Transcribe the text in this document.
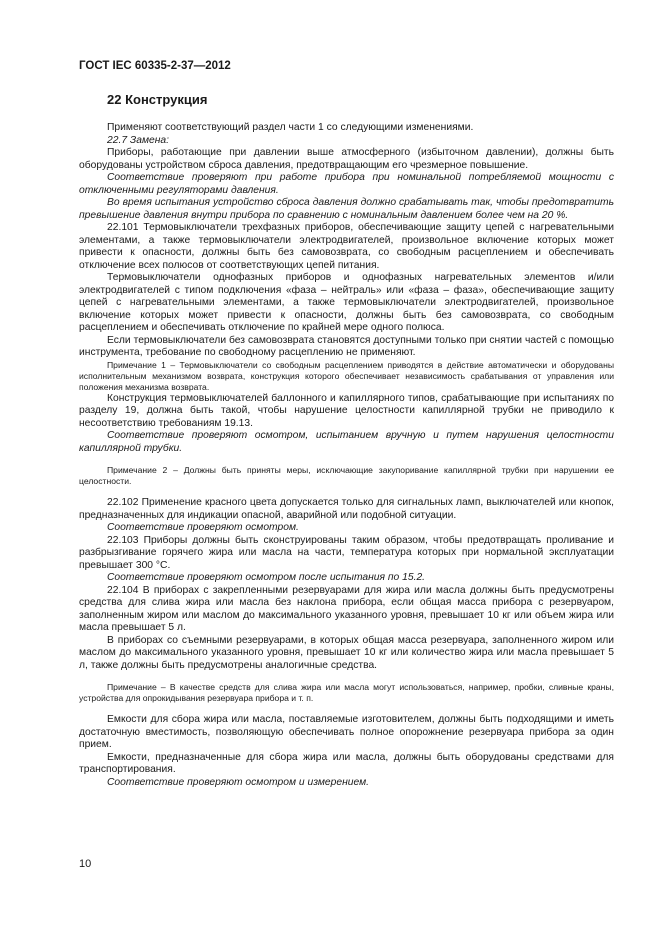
ГОСТ IEC 60335-2-37—2012
22 Конструкция

Применяют соответствующий раздел части 1 со следующими изменениями.

22.7 Замена:

Приборы, работающие при давлении выше атмосферного (избыточном давлении), должны быть оборудованы устройством сброса давления, предотвращающим его чрезмерное повышение.

Соответствие проверяют при работе прибора при номинальной потребляемой мощности с отключенными регуляторами давления.

Во время испытания устройство сброса давления должно срабатывать так, чтобы предотвратить превышение давления внутри прибора по сравнению с номинальным давлением более чем на 20 %.

22.101 Термовыключатели трехфазных приборов, обеспечивающие защиту цепей с нагревательными элементами, а также термовыключатели электродвигателей, произвольное включение которых может привести к опасности, должны быть без самовозврата, со свободным расцеплением и обеспечивать отключение всех полюсов от соответствующих цепей питания.

Термовыключатели однофазных приборов и однофазных нагревательных элементов и/или электродвигателей с типом подключения «фаза – нейтраль» или «фаза – фаза», обеспечивающие защиту цепей с нагревательными элементами, а также термовыключатели электродвигателей, произвольное включение которых может привести к опасности, должны быть без самовозврата, со свободным расцеплением и обеспечивать отключение по крайней мере одного полюса.

Если термовыключатели без самовозврата становятся доступными только при снятии частей с помощью инструмента, требование по свободному расцеплению не применяют.

Примечание 1 – Термовыключатели со свободным расцеплением приводятся в действие автоматически и оборудованы исполнительным механизмом возврата, конструкция которого обеспечивает независимость срабатывания от управления или положения механизма возврата.

Конструкция термовыключателей баллонного и капиллярного типов, срабатывающие при испытаниях по разделу 19, должна быть такой, чтобы нарушение целостности капиллярной трубки не приводило к несоответствию требованиям 19.13.

Соответствие проверяют осмотром, испытанием вручную и путем нарушения целостности капиллярной трубки.

Примечание 2 – Должны быть приняты меры, исключающие закупоривание капиллярной трубки при нарушении ее целостности.

22.102 Применение красного цвета допускается только для сигнальных ламп, выключателей или кнопок, предназначенных для индикации опасной, аварийной или подобной ситуации.

Соответствие проверяют осмотром.

22.103 Приборы должны быть сконструированы таким образом, чтобы предотвращать проливание и разбрызгивание горячего жира или масла на части, температура которых при нормальной эксплуатации превышает 300 °С.

Соответствие проверяют осмотром после испытания по 15.2.

22.104 В приборах с закрепленными резервуарами для жира или масла должны быть предусмотрены средства для слива жира или масла без наклона прибора, если общая масса прибора с резервуаром, заполненным жиром или маслом до максимального указанного уровня, превышает 10 кг или объем жира или масла превышает 5 л.

В приборах со съемными резервуарами, в которых общая масса резервуара, заполненного жиром или маслом до максимального указанного уровня, превышает 10 кг или количество жира или масла превышает 5 л, также должны быть предусмотрены аналогичные средства.

Примечание – В качестве средств для слива жира или масла могут использоваться, например, пробки, сливные краны, устройства для опрокидывания резервуара прибора и т. п.

Емкости для сбора жира или масла, поставляемые изготовителем, должны быть подходящими и иметь достаточную вместимость, позволяющую обеспечивать полное опорожнение резервуара прибора за один прием.

Емкости, предназначенные для сбора жира или масла, должны быть оборудованы средствами для транспортирования.

Соответствие проверяют осмотром и измерением.

10
